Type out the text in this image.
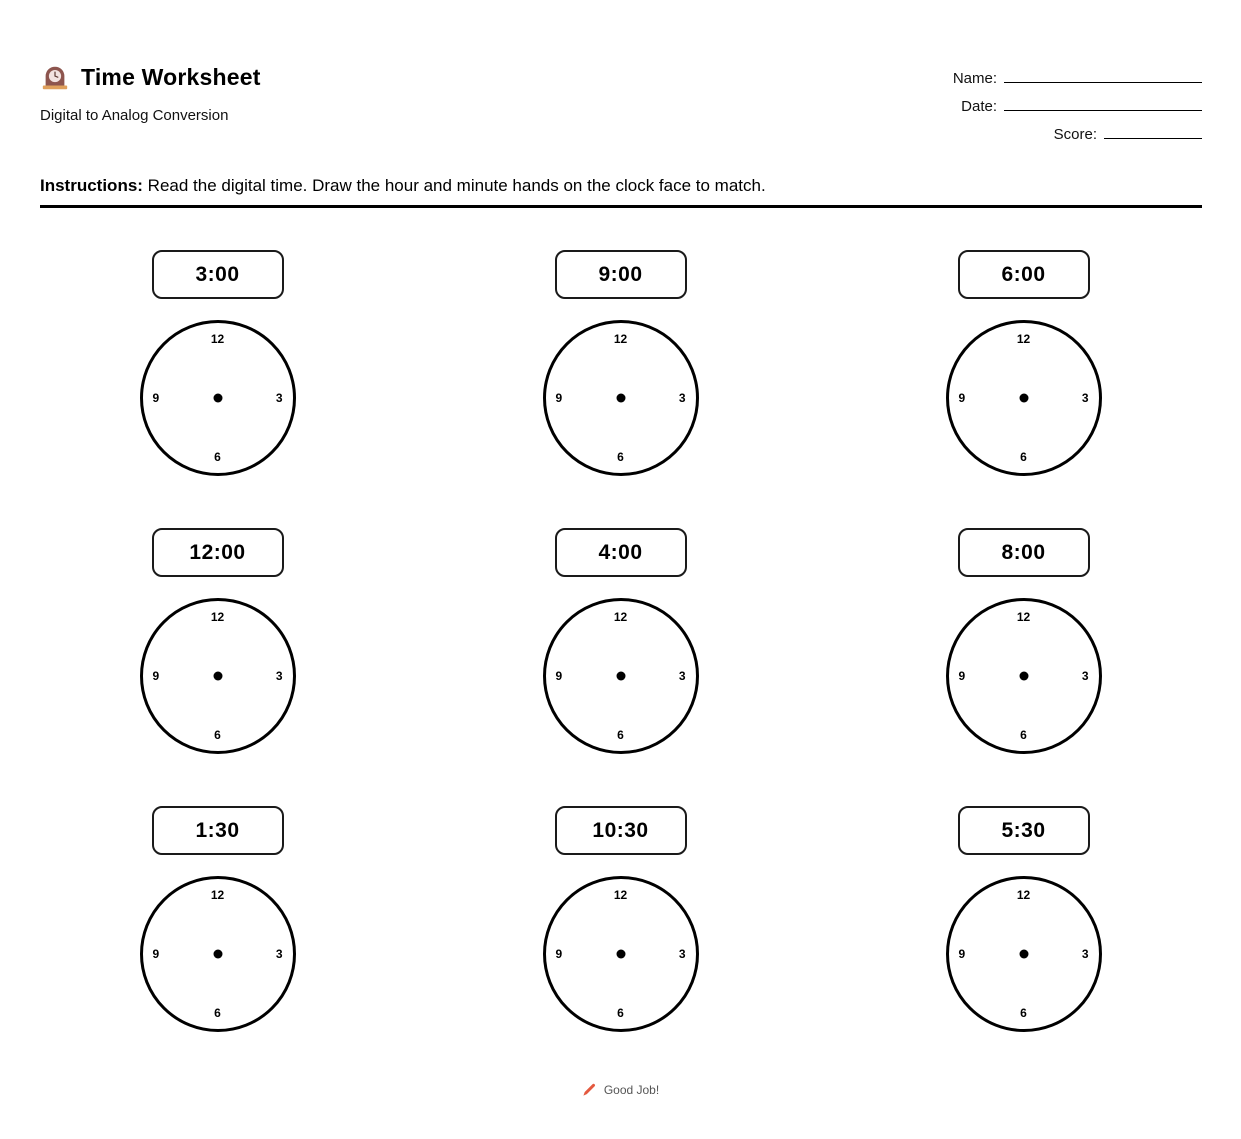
Time Worksheet
Digital to Analog Conversion
Name:
Date:
Score:

Instructions: Read the digital time. Draw the hour and minute hands on the clock face to match.

3:00
12
3
6
9
9:00
12
3
6
9
6:00
12
3
6
9
12:00
12
3
6
9
4:00
12
3
6
9
8:00
12
3
6
9
1:30
12
3
6
9
10:30
12
3
6
9
5:30
12
3
6
9
Good Job!
